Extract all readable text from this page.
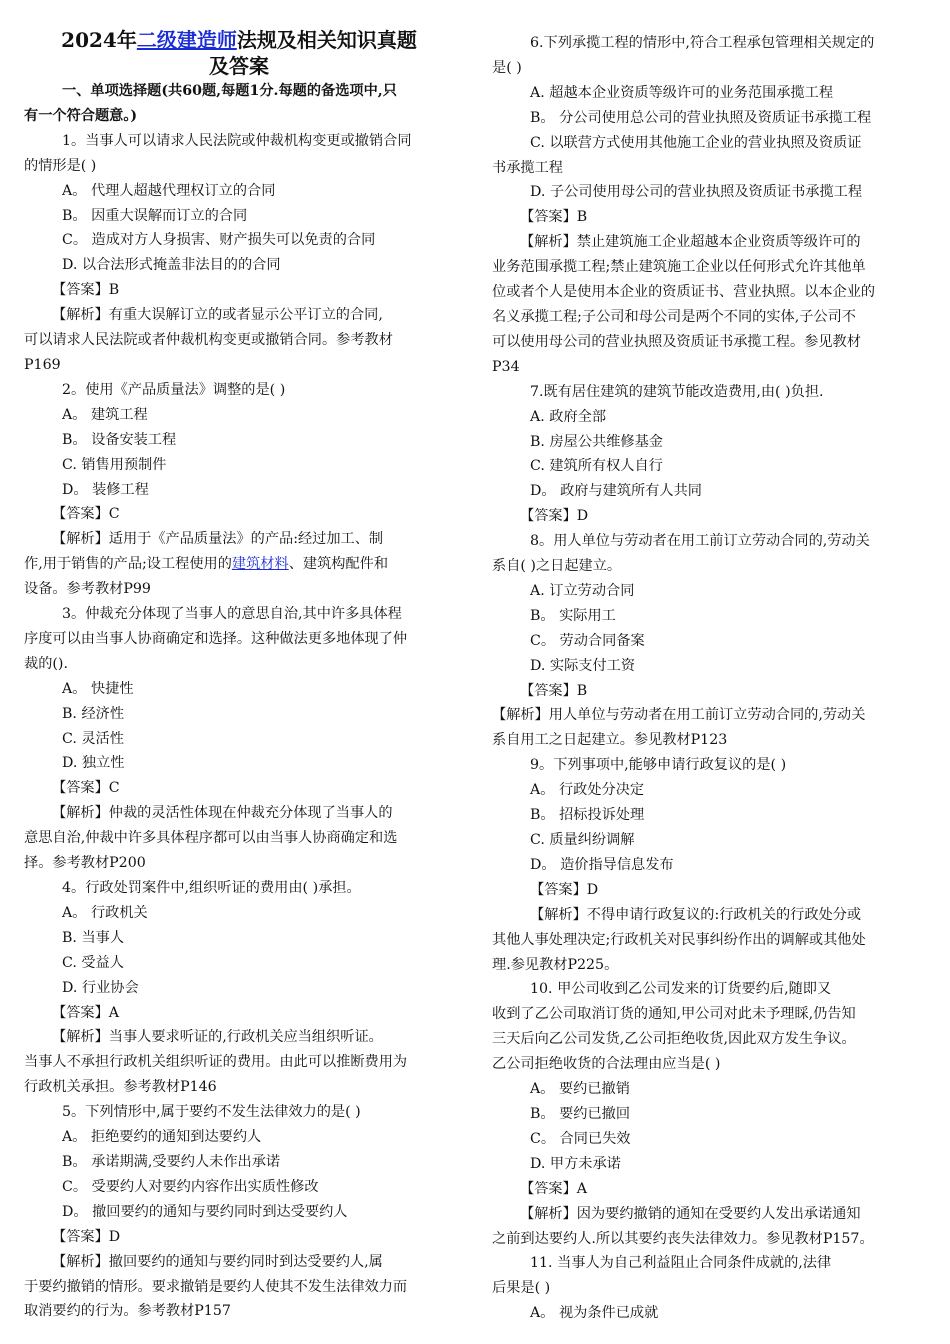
2024年二级建造师法规及相关知识真题
及答案
一、单项选择题(共60题,每题1分.每题的备选项中,只
有一个符合题意。)
1。当事人可以请求人民法院或仲裁机构变更或撤销合同
的情形是( )
A。 代理人超越代理权订立的合同
B。 因重大误解而订立的合同
C。 造成对方人身损害、财产损失可以免责的合同
D. 以合法形式掩盖非法目的的合同
【答案】B
【解析】有重大误解订立的或者显示公平订立的合同,
可以请求人民法院或者仲裁机构变更或撤销合同。参考教材
P169
2。使用《产品质量法》调整的是( )
A。 建筑工程
B。 设备安装工程
C. 销售用预制件
D。 装修工程
【答案】C
【解析】适用于《产品质量法》的产品:经过加工、制
作,用于销售的产品;设工程使用的建筑材料、建筑构配件和
设备。参考教材P99
3。仲裁充分体现了当事人的意思自治,其中许多具体程
序度可以由当事人协商确定和选择。这种做法更多地体现了仲
裁的().
A。 快捷性
B. 经济性
C. 灵活性
D. 独立性
【答案】C
【解析】仲裁的灵活性体现在仲裁充分体现了当事人的
意思自治,仲裁中许多具体程序都可以由当事人协商确定和选
择。参考教材P200
4。行政处罚案件中,组织听证的费用由( )承担。
A。 行政机关
B. 当事人
C. 受益人
D. 行业协会
【答案】A
【解析】当事人要求听证的,行政机关应当组织听证。
当事人不承担行政机关组织听证的费用。由此可以推断费用为
行政机关承担。参考教材P146
5。下列情形中,属于要约不发生法律效力的是( )
A。 拒绝要约的通知到达要约人
B。 承诺期满,受要约人未作出承诺
C。 受要约人对要约内容作出实质性修改
D。 撤回要约的通知与要约同时到达受要约人
【答案】D
【解析】撤回要约的通知与要约同时到达受要约人,属
于要约撤销的情形。要求撤销是要约人使其不发生法律效力而
取消要约的行为。参考教材P157
6.下列承揽工程的情形中,符合工程承包管理相关规定的
是( )
A. 超越本企业资质等级许可的业务范围承揽工程
B。 分公司使用总公司的营业执照及资质证书承揽工程
C. 以联营方式使用其他施工企业的营业执照及资质证
书承揽工程
D. 子公司使用母公司的营业执照及资质证书承揽工程
【答案】B
【解析】禁止建筑施工企业超越本企业资质等级许可的
业务范围承揽工程;禁止建筑施工企业以任何形式允许其他单
位或者个人是使用本企业的资质证书、营业执照。以本企业的
名义承揽工程;子公司和母公司是两个不同的实体,子公司不
可以使用母公司的营业执照及资质证书承揽工程。参见教材
P34
7.既有居住建筑的建筑节能改造费用,由( )负担.
A. 政府全部
B. 房屋公共维修基金
C. 建筑所有权人自行
D。 政府与建筑所有人共同
【答案】D
8。用人单位与劳动者在用工前订立劳动合同的,劳动关
系自( )之日起建立。
A. 订立劳动合同
B。 实际用工
C。 劳动合同备案
D. 实际支付工资
【答案】B
【解析】用人单位与劳动者在用工前订立劳动合同的,劳动关
系自用工之日起建立。参见教材P123
9。下列事项中,能够申请行政复议的是( )
A。 行政处分决定
B。 招标投诉处理
C. 质量纠纷调解
D。 造价指导信息发布
【答案】D
【解析】不得申请行政复议的:行政机关的行政处分或
其他人事处理决定;行政机关对民事纠纷作出的调解或其他处
理.参见教材P225。
10. 甲公司收到乙公司发来的订货要约后,随即又
收到了乙公司取消订货的通知,甲公司对此未予理睬,仍告知
三天后向乙公司发货,乙公司拒绝收货,因此双方发生争议。
乙公司拒绝收货的合法理由应当是( )
A。 要约已撤销
B。 要约已撤回
C。 合同已失效
D. 甲方未承诺
【答案】A
【解析】因为要约撤销的通知在受要约人发出承诺通知
之前到达要约人.所以其要约丧失法律效力。参见教材P157。
11. 当事人为自己利益阻止合同条件成就的,法律
后果是( )
A。 视为条件已成就
